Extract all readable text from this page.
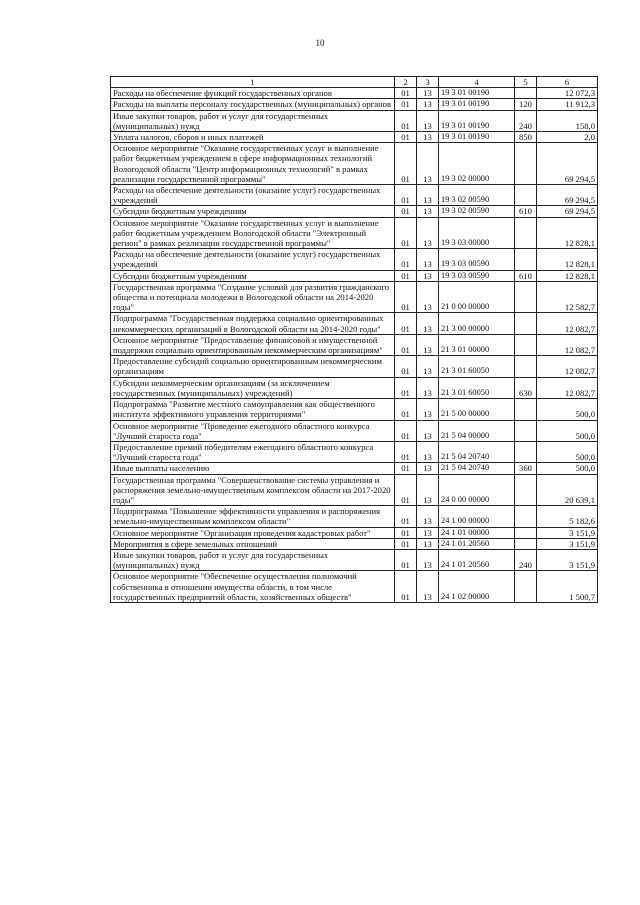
10
1	2	3	4	5	6
Расходы на обеспечение функций государственных органов	01	13	19 3 01 00190		12 072,3
Расходы на выплаты персоналу государственных (муниципальных) органов	01	13	19 3 01 00190	120	11 912,3
Иные закупки товаров, работ и услуг для государственных (муниципальных) нужд	01	13	19 3 01 00190	240	158,0
Уплата налогов, сборов и иных платежей	01	13	19 3 01 00190	850	2,0
Основное мероприятие "Оказание государственных услуг и выполнение работ бюджетным учреждением в сфере информационных технологий Вологодской области "Центр информационных технологий" в рамках реализации государственной программы"	01	13	19 3 02 00000		69 294,5
Расходы на обеспечение деятельности (оказание услуг) государственных учреждений	01	13	19 3 02 00590		69 294,5
Субсидии бюджетным учреждениям	01	13	19 3 02 00590	610	69 294,5
Основное мероприятие "Оказание государственных услуг и выполнение работ бюджетным учреждением Вологодской области "Электронный регион" в рамках реализации государственной программы"	01	13	19 3 03 00000		12 828,1
Расходы на обеспечение деятельности (оказание услуг) государственных учреждений	01	13	19 3 03 00590		12 828,1
Субсидии бюджетным учреждениям	01	13	19 3 03 00590	610	12 828,1
Государственная программа "Создание условий для развития гражданского общества и потенциала молодежи в Вологодской области на 2014-2020 годы"	01	13	21 0 00 00000		12 582,7
Подпрограмма "Государственная поддержка социально ориентированных некоммерческих организаций в Вологодской области на 2014-2020 годы"	01	13	21 3 00 00000		12 082,7
Основное мероприятие "Предоставление финансовой и имущественной поддержки социально ориентированным некоммерческим организациям"	01	13	21 3 01 00000		12 082,7
Предоставление субсидий социально ориентированным некоммерческим организациям	01	13	21 3 01 60050		12 082,7
Субсидии некоммерческим организациям (за исключением государственных (муниципальных) учреждений)	01	13	21 3 01 60050	630	12 082,7
Подпрограмма "Развитие местного самоуправления как общественного института эффективного управления территориями"	01	13	21 5 00 00000		500,0
Основное мероприятие "Проведение ежегодного областного конкурса "Лучший староста года"	01	13	21 5 04 00000		500,0
Предоставление премий победителям ежегодного областного конкурса "Лучший староста года"	01	13	21 5 04 20740		500,0
Иные выплаты населению	01	13	21 5 04 20740	360	500,0
Государственная программа "Совершенствование системы управления и распоряжения земельно-имущественным комплексом области на 2017-2020 годы"	01	13	24 0 00 00000		20 639,1
Подпрограмма "Повышение эффективности управления и распоряжения земельно-имущественным комплексом области"	01	13	24 1 00 00000		5 182,6
Основное мероприятие "Организация проведения кадастровых работ"	01	13	24 1 01 00000		3 151,9
Мероприятия в сфере земельных отношений	01	13	24 1 01 20560		3 151,9
Иные закупки товаров, работ и услуг для государственных (муниципальных) нужд	01	13	24 1 01 20560	240	3 151,9
Основное мероприятие "Обеспечение осуществления полномочий собственника в отношении имущества области, в том числе государственных предприятий области, хозяйственных обществ"	01	13	24 1 02 00000		1 500,7
